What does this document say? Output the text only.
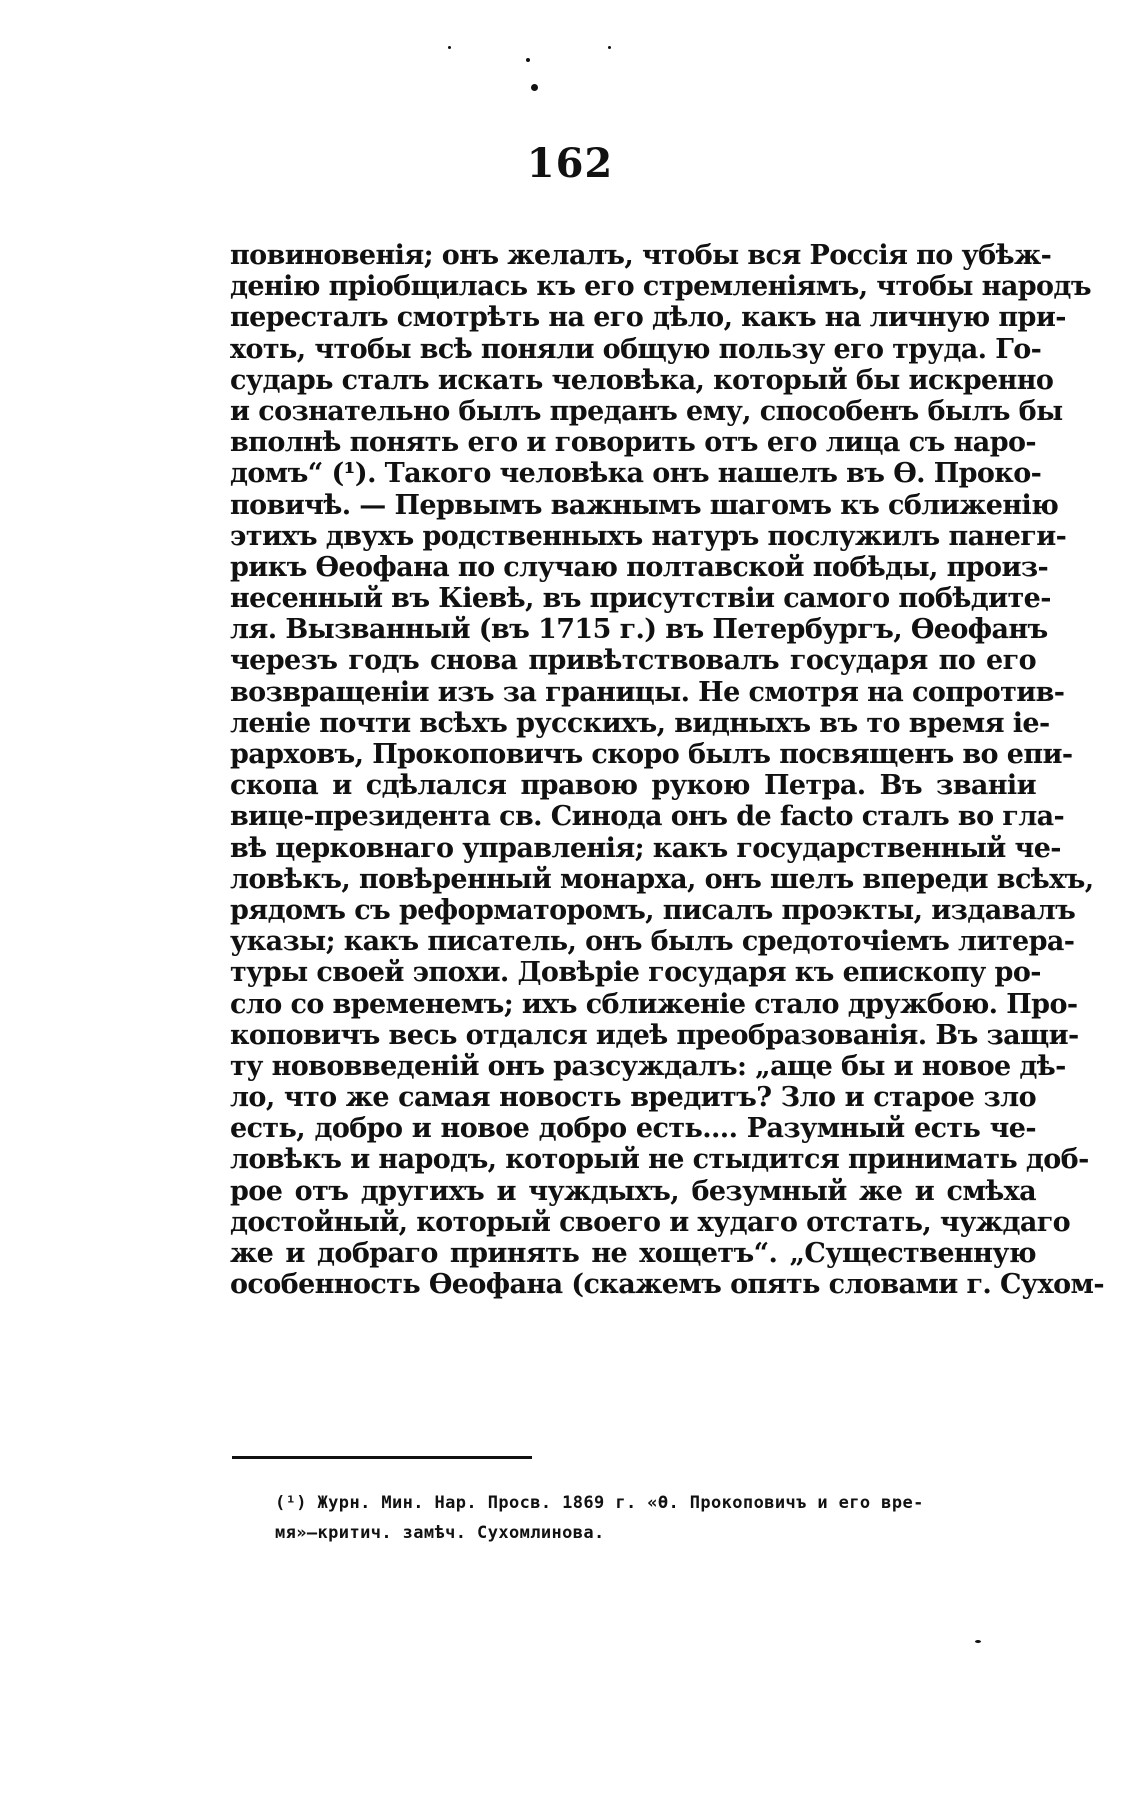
162
повиновенія; онъ желалъ, чтобы вся Россія по убѣж-
денію пріобщилась къ его стремленіямъ, чтобы народъ
пересталъ смотрѣть на его дѣло, какъ на личную при-
хоть, чтобы всѣ поняли общую пользу его труда. Го-
сударь сталъ искать человѣка, который бы искренно
и сознательно былъ преданъ ему, способенъ былъ бы
вполнѣ понять его и говорить отъ его лица съ наро-
домъ“ (¹). Такого человѣка онъ нашелъ въ Ѳ. Проко-
повичѣ. — Первымъ важнымъ шагомъ къ сближенію
этихъ двухъ родственныхъ натуръ послужилъ панеги-
рикъ Ѳеофана по случаю полтавской побѣды, произ-
несенный въ Кіевѣ, въ присутствіи самого побѣдите-
ля. Вызванный (въ 1715 г.) въ Петербургъ, Ѳеофанъ
черезъ годъ снова привѣтствовалъ государя по его
возвращеніи изъ за границы. Не смотря на сопротив-
леніе почти всѣхъ русскихъ, видныхъ въ то время іе-
рарховъ, Прокоповичъ скоро былъ посвященъ во епи-
скопа и сдѣлался правою рукою Петра. Въ званіи
вице-президента св. Синода онъ de facto сталъ во гла-
вѣ церковнаго управленія; какъ государственный че-
ловѣкъ, повѣренный монарха, онъ шелъ впереди всѣхъ,
рядомъ съ реформаторомъ, писалъ проэкты, издавалъ
указы; какъ писатель, онъ былъ средоточіемъ литера-
туры своей эпохи. Довѣріе государя къ епископу ро-
сло со временемъ; ихъ сближеніе стало дружбою. Про-
коповичъ весь отдался идеѣ преобразованія. Въ защи-
ту нововведеній онъ разсуждалъ: „аще бы и новое дѣ-
ло, что же самая новость вредитъ? Зло и старое зло
есть, добро и новое добро есть.... Разумный есть че-
ловѣкъ и народъ, который не стыдится принимать доб-
рое отъ другихъ и чуждыхъ, безумный же и смѣха
достойный, который своего и худаго отстать, чуждаго
же и добраго принять не хощетъ“. „Существенную
особенность Ѳеофана (скажемъ опять словами г. Сухом-
(¹) Журн. Мин. Нар. Просв. 1869 г. «Ѳ. Прокоповичъ и его вре-
мя»—критич. замѣч. Сухомлинова.
